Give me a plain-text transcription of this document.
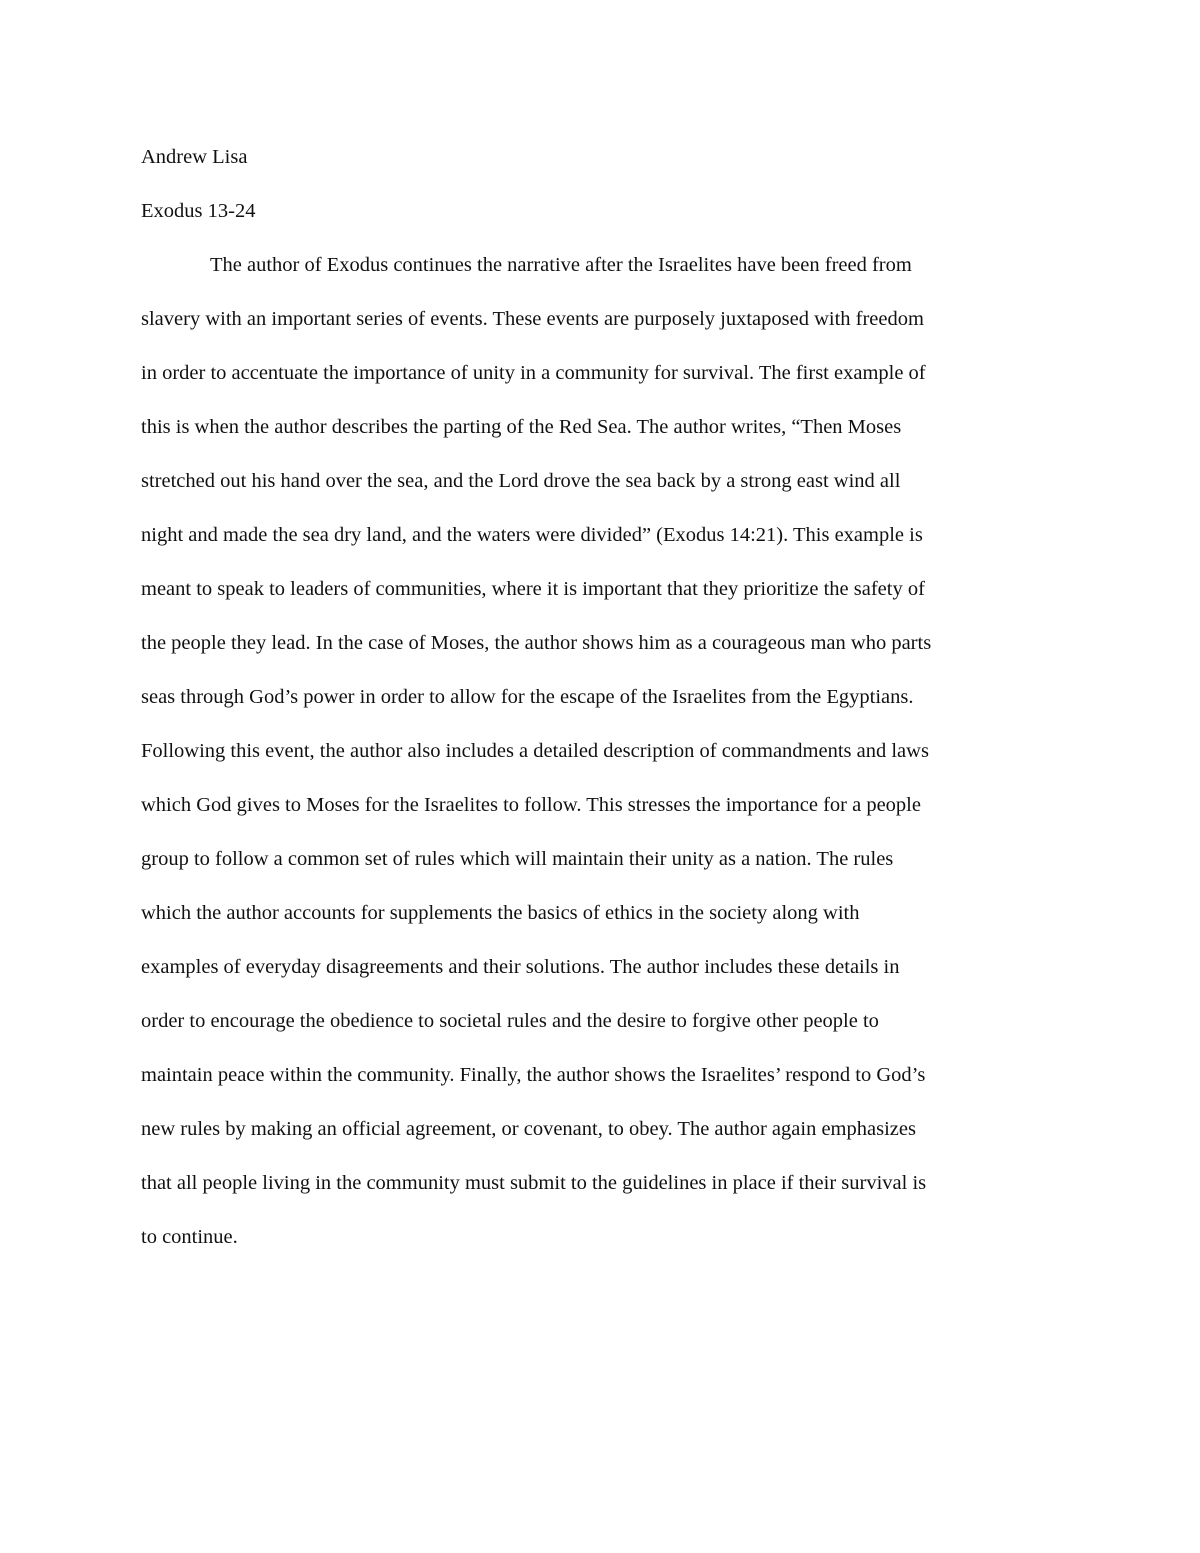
Andrew Lisa

Exodus 13-24

The author of Exodus continues the narrative after the Israelites have been freed from
slavery with an important series of events. These events are purposely juxtaposed with freedom
in order to accentuate the importance of unity in a community for survival. The first example of
this is when the author describes the parting of the Red Sea. The author writes, “Then Moses
stretched out his hand over the sea, and the Lord drove the sea back by a strong east wind all
night and made the sea dry land, and the waters were divided” (Exodus 14:21). This example is
meant to speak to leaders of communities, where it is important that they prioritize the safety of
the people they lead. In the case of Moses, the author shows him as a courageous man who parts
seas through God’s power in order to allow for the escape of the Israelites from the Egyptians.
Following this event, the author also includes a detailed description of commandments and laws
which God gives to Moses for the Israelites to follow. This stresses the importance for a people
group to follow a common set of rules which will maintain their unity as a nation. The rules
which the author accounts for supplements the basics of ethics in the society along with
examples of everyday disagreements and their solutions. The author includes these details in
order to encourage the obedience to societal rules and the desire to forgive other people to
maintain peace within the community. Finally, the author shows the Israelites’ respond to God’s
new rules by making an official agreement, or covenant, to obey. The author again emphasizes
that all people living in the community must submit to the guidelines in place if their survival is
to continue.
